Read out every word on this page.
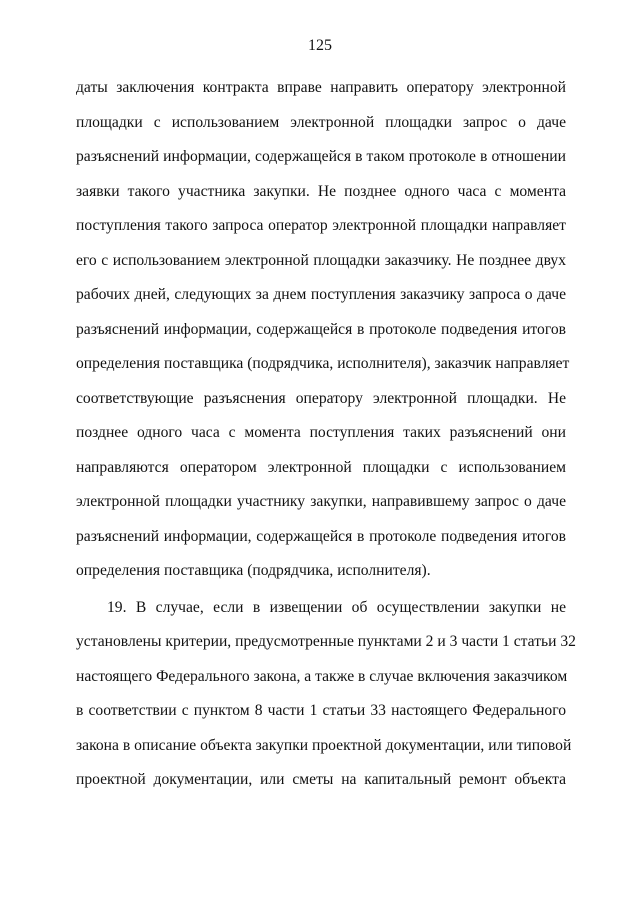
125
даты заключения контракта вправе направить оператору электронной
площадки с использованием электронной площадки запрос о даче
разъяснений информации, содержащейся в таком протоколе в отношении
заявки такого участника закупки. Не позднее одного часа с момента
поступления такого запроса оператор электронной площадки направляет
его с использованием электронной площадки заказчику. Не позднее двух
рабочих дней, следующих за днем поступления заказчику запроса о даче
разъяснений информации, содержащейся в протоколе подведения итогов
определения поставщика (подрядчика, исполнителя), заказчик направляет
соответствующие разъяснения оператору электронной площадки. Не
позднее одного часа с момента поступления таких разъяснений они
направляются оператором электронной площадки с использованием
электронной площадки участнику закупки, направившему запрос о даче
разъяснений информации, содержащейся в протоколе подведения итогов
определения поставщика (подрядчика, исполнителя).
19. В случае, если в извещении об осуществлении закупки не
установлены критерии, предусмотренные пунктами 2 и 3 части 1 статьи 32
настоящего Федерального закона, а также в случае включения заказчиком
в соответствии с пунктом 8 части 1 статьи 33 настоящего Федерального
закона в описание объекта закупки проектной документации, или типовой
проектной документации, или сметы на капитальный ремонт объекта
